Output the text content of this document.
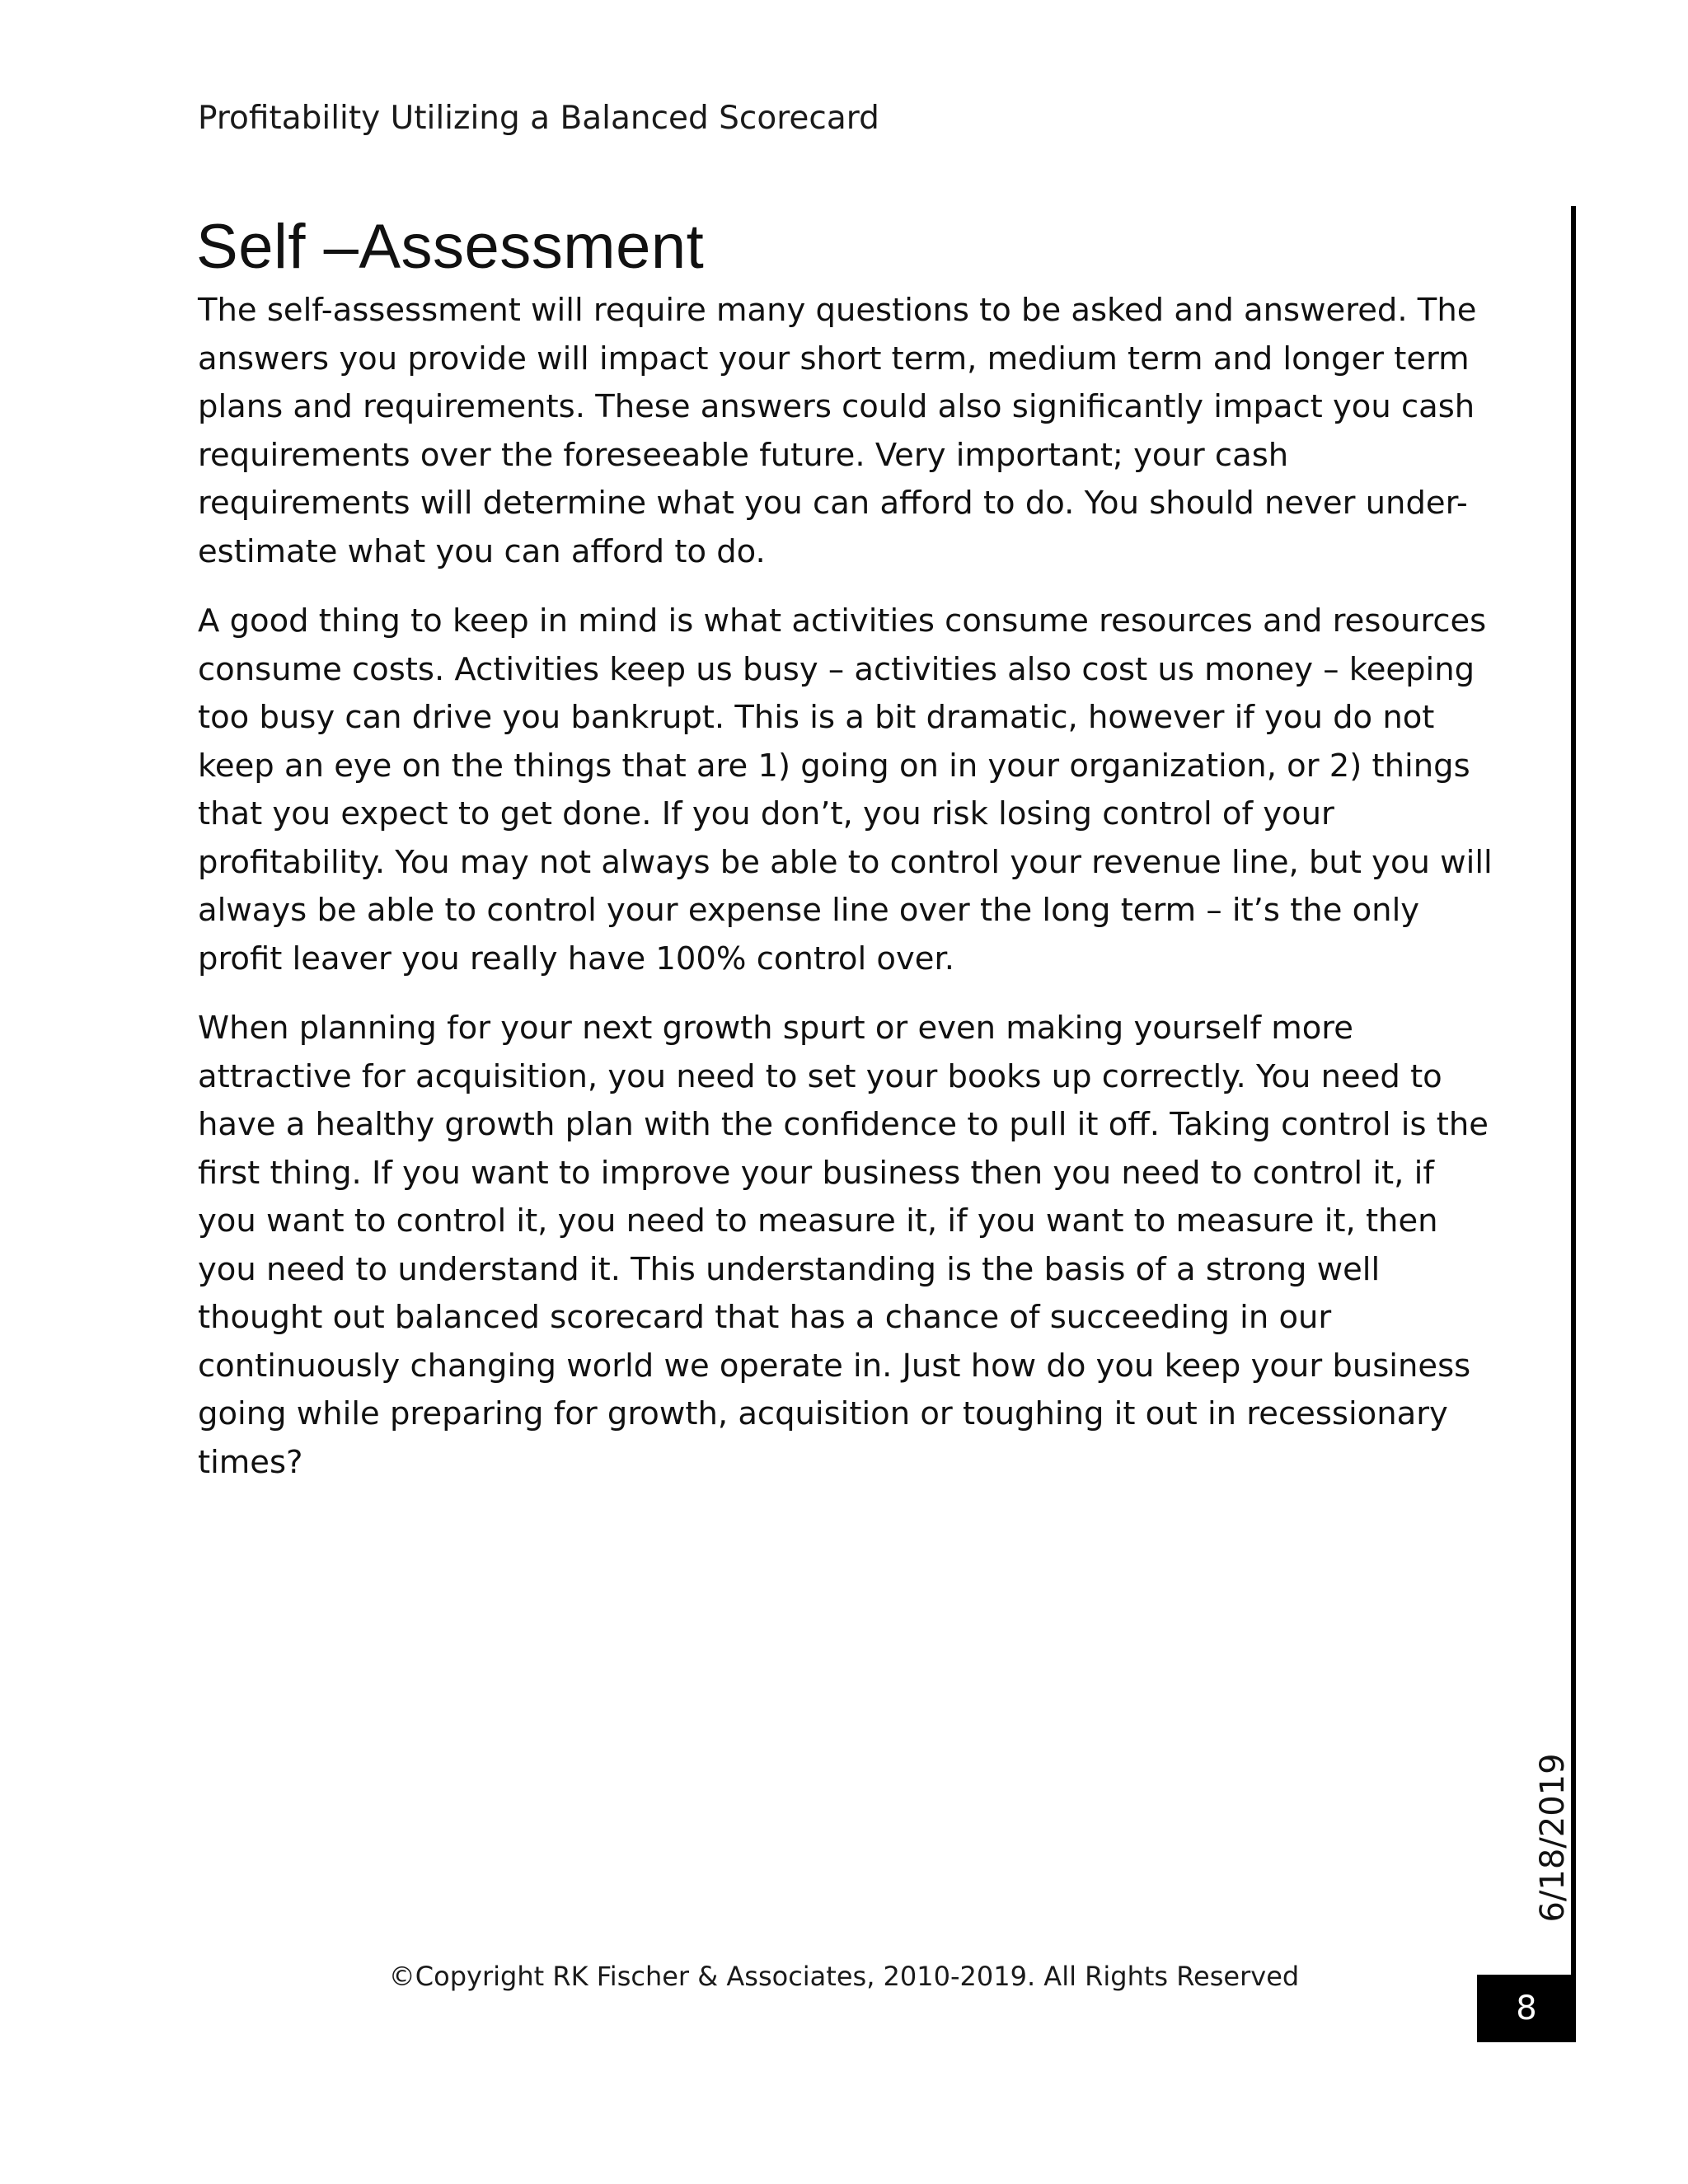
Profitability Utilizing a Balanced Scorecard
Self –Assessment

The self-assessment will require many questions to be asked and answered. The answers you provide will impact your short term, medium term and longer term plans and requirements. These answers could also significantly impact you cash requirements over the foreseeable future. Very important; your cash requirements will determine what you can afford to do. You should never under-estimate what you can afford to do.

A good thing to keep in mind is what activities consume resources and resources consume costs. Activities keep us busy – activities also cost us money – keeping too busy can drive you bankrupt. This is a bit dramatic, however if you do not keep an eye on the things that are 1) going on in your organization, or 2) things that you expect to get done. If you don’t, you risk losing control of your profitability. You may not always be able to control your revenue line, but you will always be able to control your expense line over the long term – it’s the only profit leaver you really have 100% control over.

When planning for your next growth spurt or even making yourself more attractive for acquisition, you need to set your books up correctly. You need to have a healthy growth plan with the confidence to pull it off. Taking control is the first thing. If you want to improve your business then you need to control it, if you want to control it, you need to measure it, if you want to measure it, then you need to understand it. This understanding is the basis of a strong well thought out balanced scorecard that has a chance of succeeding in our continuously changing world we operate in. Just how do you keep your business going while preparing for growth, acquisition or toughing it out in recessionary times?

6/18/2019
8
©Copyright RK Fischer & Associates, 2010-2019. All Rights Reserved
